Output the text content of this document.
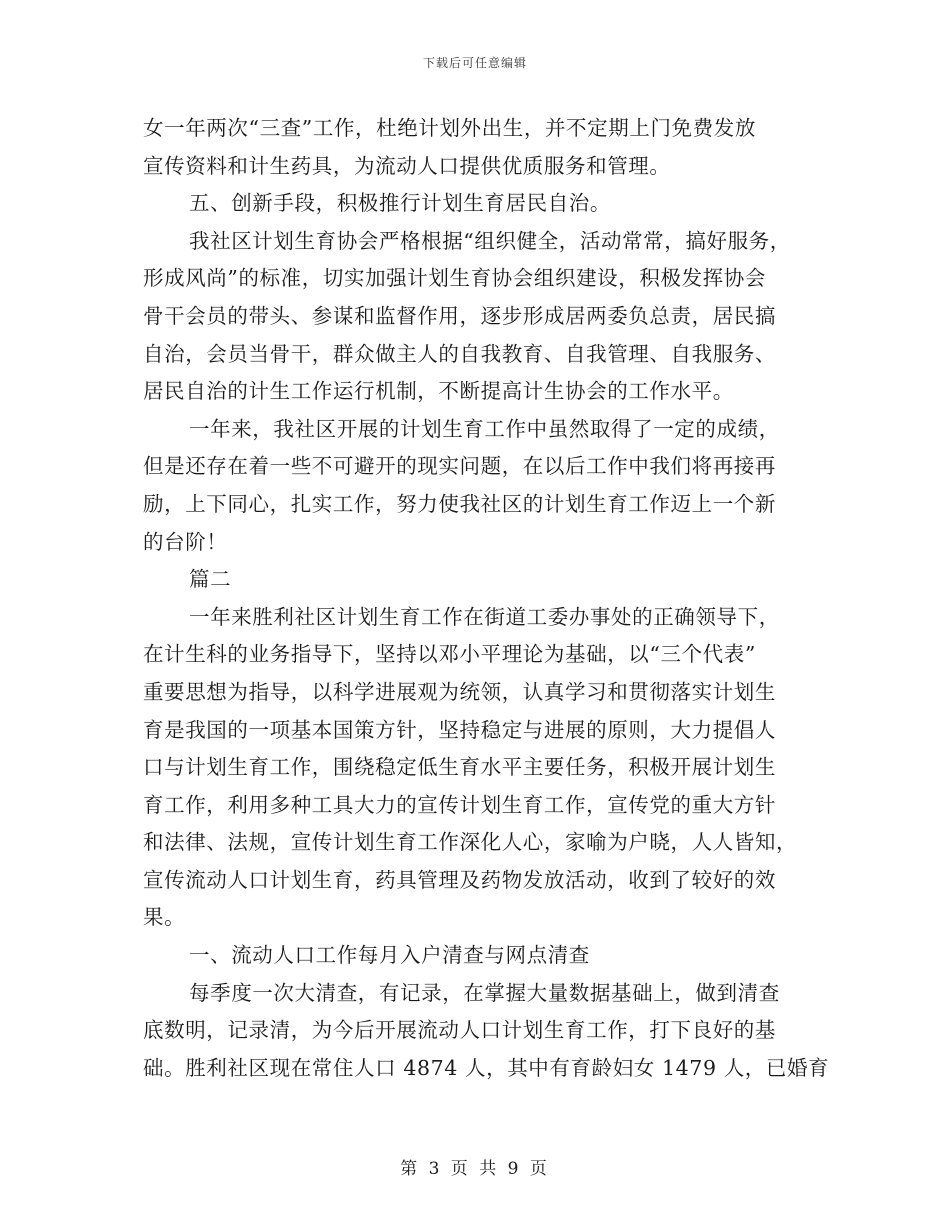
下载后可任意编辑
女一年两次“三查”工作，杜绝计划外出生，并不定期上门免费发放
宣传资料和计生药具，为流动人口提供优质服务和管理。
五、创新手段，积极推行计划生育居民自治。
我社区计划生育协会严格根据“组织健全，活动常常，搞好服务，
形成风尚”的标准，切实加强计划生育协会组织建设，积极发挥协会
骨干会员的带头、参谋和监督作用，逐步形成居两委负总责，居民搞
自治，会员当骨干，群众做主人的自我教育、自我管理、自我服务、
居民自治的计生工作运行机制，不断提高计生协会的工作水平。
一年来，我社区开展的计划生育工作中虽然取得了一定的成绩，
但是还存在着一些不可避开的现实问题，在以后工作中我们将再接再
励，上下同心，扎实工作，努力使我社区的计划生育工作迈上一个新
的台阶！
篇二
一年来胜利社区计划生育工作在街道工委办事处的正确领导下，
在计生科的业务指导下，坚持以邓小平理论为基础，以“三个代表”
重要思想为指导，以科学进展观为统领，认真学习和贯彻落实计划生
育是我国的一项基本国策方针，坚持稳定与进展的原则，大力提倡人
口与计划生育工作，围绕稳定低生育水平主要任务，积极开展计划生
育工作，利用多种工具大力的宣传计划生育工作，宣传党的重大方针
和法律、法规，宣传计划生育工作深化人心，家喻为户晓，人人皆知，
宣传流动人口计划生育，药具管理及药物发放活动，收到了较好的效
果。
一、流动人口工作每月入户清查与网点清查
每季度一次大清查，有记录，在掌握大量数据基础上，做到清查
底数明，记录清，为今后开展流动人口计划生育工作，打下良好的基
础。胜利社区现在常住人口 4874 人，其中有育龄妇女 1479 人，已婚育
第 3 页 共 9 页
